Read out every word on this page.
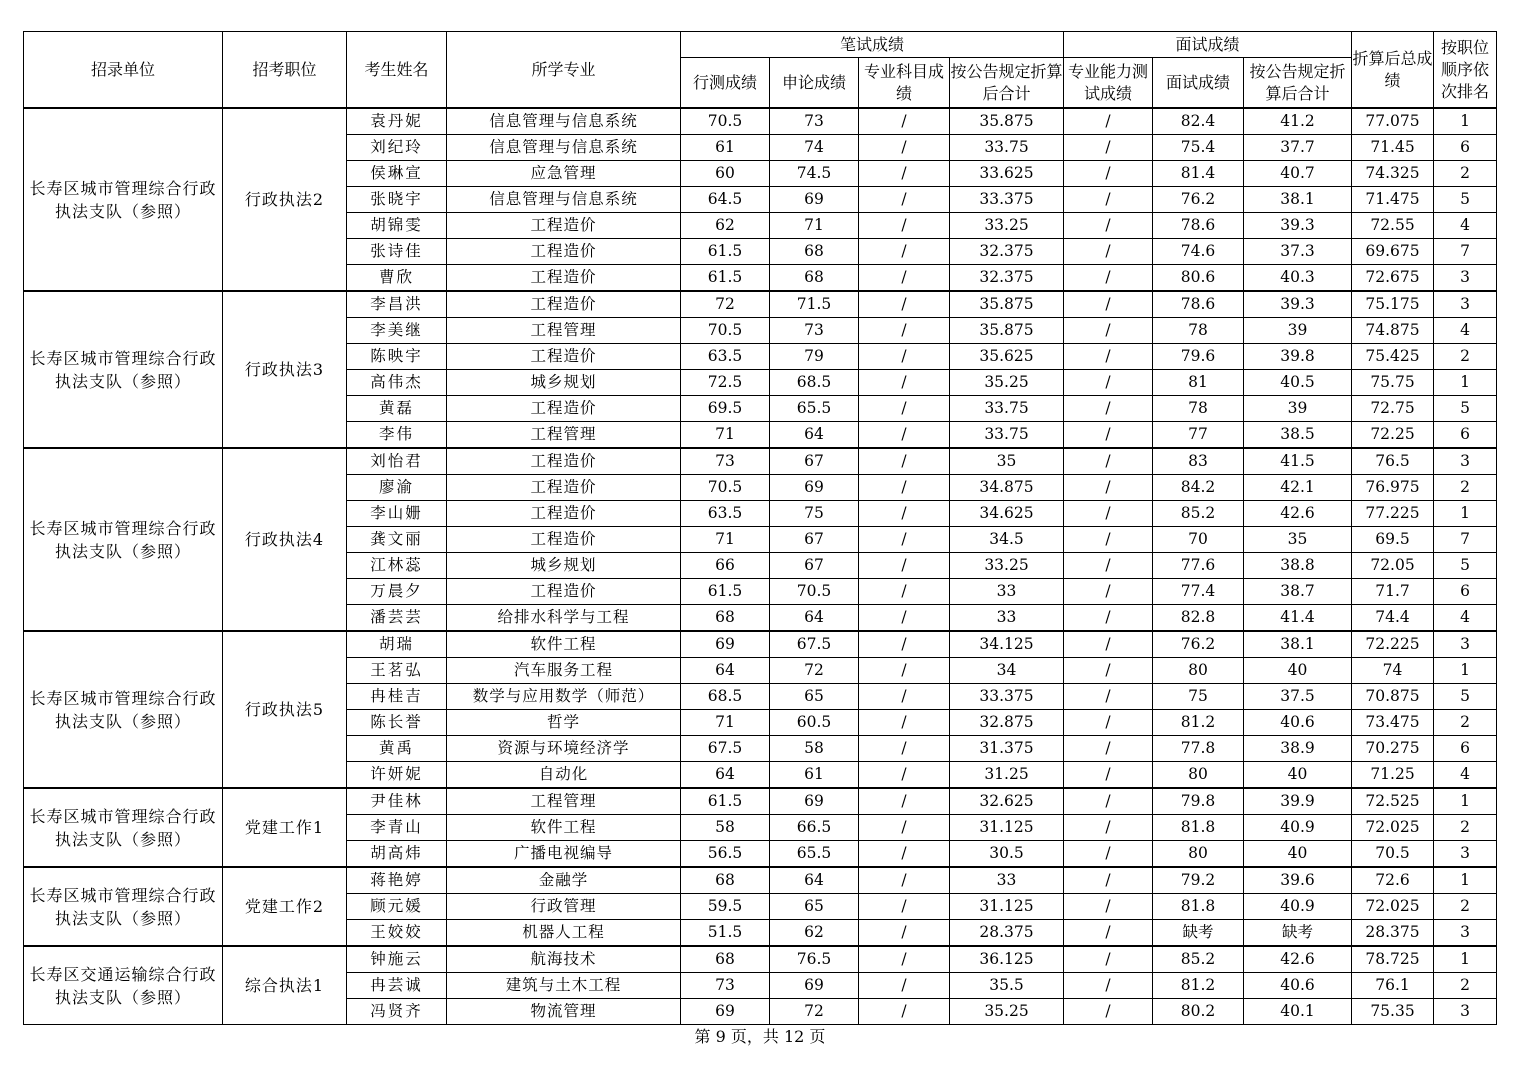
招录单位	招考职位	考生姓名	所学专业	笔试成绩				面试成绩			折算后总成绩	按职位顺序依次排名
				行测成绩	申论成绩	专业科目成绩	按公告规定折算后合计	专业能力测试成绩	面试成绩	按公告规定折算后合计		
长寿区城市管理综合行政执法支队（参照）	行政执法2	袁丹妮	信息管理与信息系统	70.5	73	/	35.875	/	82.4	41.2	77.075	1
		刘纪玲	信息管理与信息系统	61	74	/	33.75	/	75.4	37.7	71.45	6
		侯琳宣	应急管理	60	74.5	/	33.625	/	81.4	40.7	74.325	2
		张晓宇	信息管理与信息系统	64.5	69	/	33.375	/	76.2	38.1	71.475	5
		胡锦雯	工程造价	62	71	/	33.25	/	78.6	39.3	72.55	4
		张诗佳	工程造价	61.5	68	/	32.375	/	74.6	37.3	69.675	7
		曹欣	工程造价	61.5	68	/	32.375	/	80.6	40.3	72.675	3
长寿区城市管理综合行政执法支队（参照）	行政执法3	李昌洪	工程造价	72	71.5	/	35.875	/	78.6	39.3	75.175	3
		李美继	工程管理	70.5	73	/	35.875	/	78	39	74.875	4
		陈映宇	工程造价	63.5	79	/	35.625	/	79.6	39.8	75.425	2
		高伟杰	城乡规划	72.5	68.5	/	35.25	/	81	40.5	75.75	1
		黄磊	工程造价	69.5	65.5	/	33.75	/	78	39	72.75	5
		李伟	工程管理	71	64	/	33.75	/	77	38.5	72.25	6
长寿区城市管理综合行政执法支队（参照）	行政执法4	刘怡君	工程造价	73	67	/	35	/	83	41.5	76.5	3
		廖渝	工程造价	70.5	69	/	34.875	/	84.2	42.1	76.975	2
		李山姗	工程造价	63.5	75	/	34.625	/	85.2	42.6	77.225	1
		龚文丽	工程造价	71	67	/	34.5	/	70	35	69.5	7
		江林蕊	城乡规划	66	67	/	33.25	/	77.6	38.8	72.05	5
		万晨夕	工程造价	61.5	70.5	/	33	/	77.4	38.7	71.7	6
		潘芸芸	给排水科学与工程	68	64	/	33	/	82.8	41.4	74.4	4
长寿区城市管理综合行政执法支队（参照）	行政执法5	胡瑞	软件工程	69	67.5	/	34.125	/	76.2	38.1	72.225	3
		王茗弘	汽车服务工程	64	72	/	34	/	80	40	74	1
		冉桂吉	数学与应用数学（师范）	68.5	65	/	33.375	/	75	37.5	70.875	5
		陈长誉	哲学	71	60.5	/	32.875	/	81.2	40.6	73.475	2
		黄禹	资源与环境经济学	67.5	58	/	31.375	/	77.8	38.9	70.275	6
		许妍妮	自动化	64	61	/	31.25	/	80	40	71.25	4
长寿区城市管理综合行政执法支队（参照）	党建工作1	尹佳林	工程管理	61.5	69	/	32.625	/	79.8	39.9	72.525	1
		李青山	软件工程	58	66.5	/	31.125	/	81.8	40.9	72.025	2
		胡高炜	广播电视编导	56.5	65.5	/	30.5	/	80	40	70.5	3
长寿区城市管理综合行政执法支队（参照）	党建工作2	蒋艳婷	金融学	68	64	/	33	/	79.2	39.6	72.6	1
		顾元媛	行政管理	59.5	65	/	31.125	/	81.8	40.9	72.025	2
		王姣姣	机器人工程	51.5	62	/	28.375	/	缺考	缺考	28.375	3
长寿区交通运输综合行政执法支队（参照）	综合执法1	钟施云	航海技术	68	76.5	/	36.125	/	85.2	42.6	78.725	1
		冉芸诚	建筑与土木工程	73	69	/	35.5	/	81.2	40.6	76.1	2
		冯贤齐	物流管理	69	72	/	35.25	/	80.2	40.1	75.35	3
第 9 页，共 12 页
